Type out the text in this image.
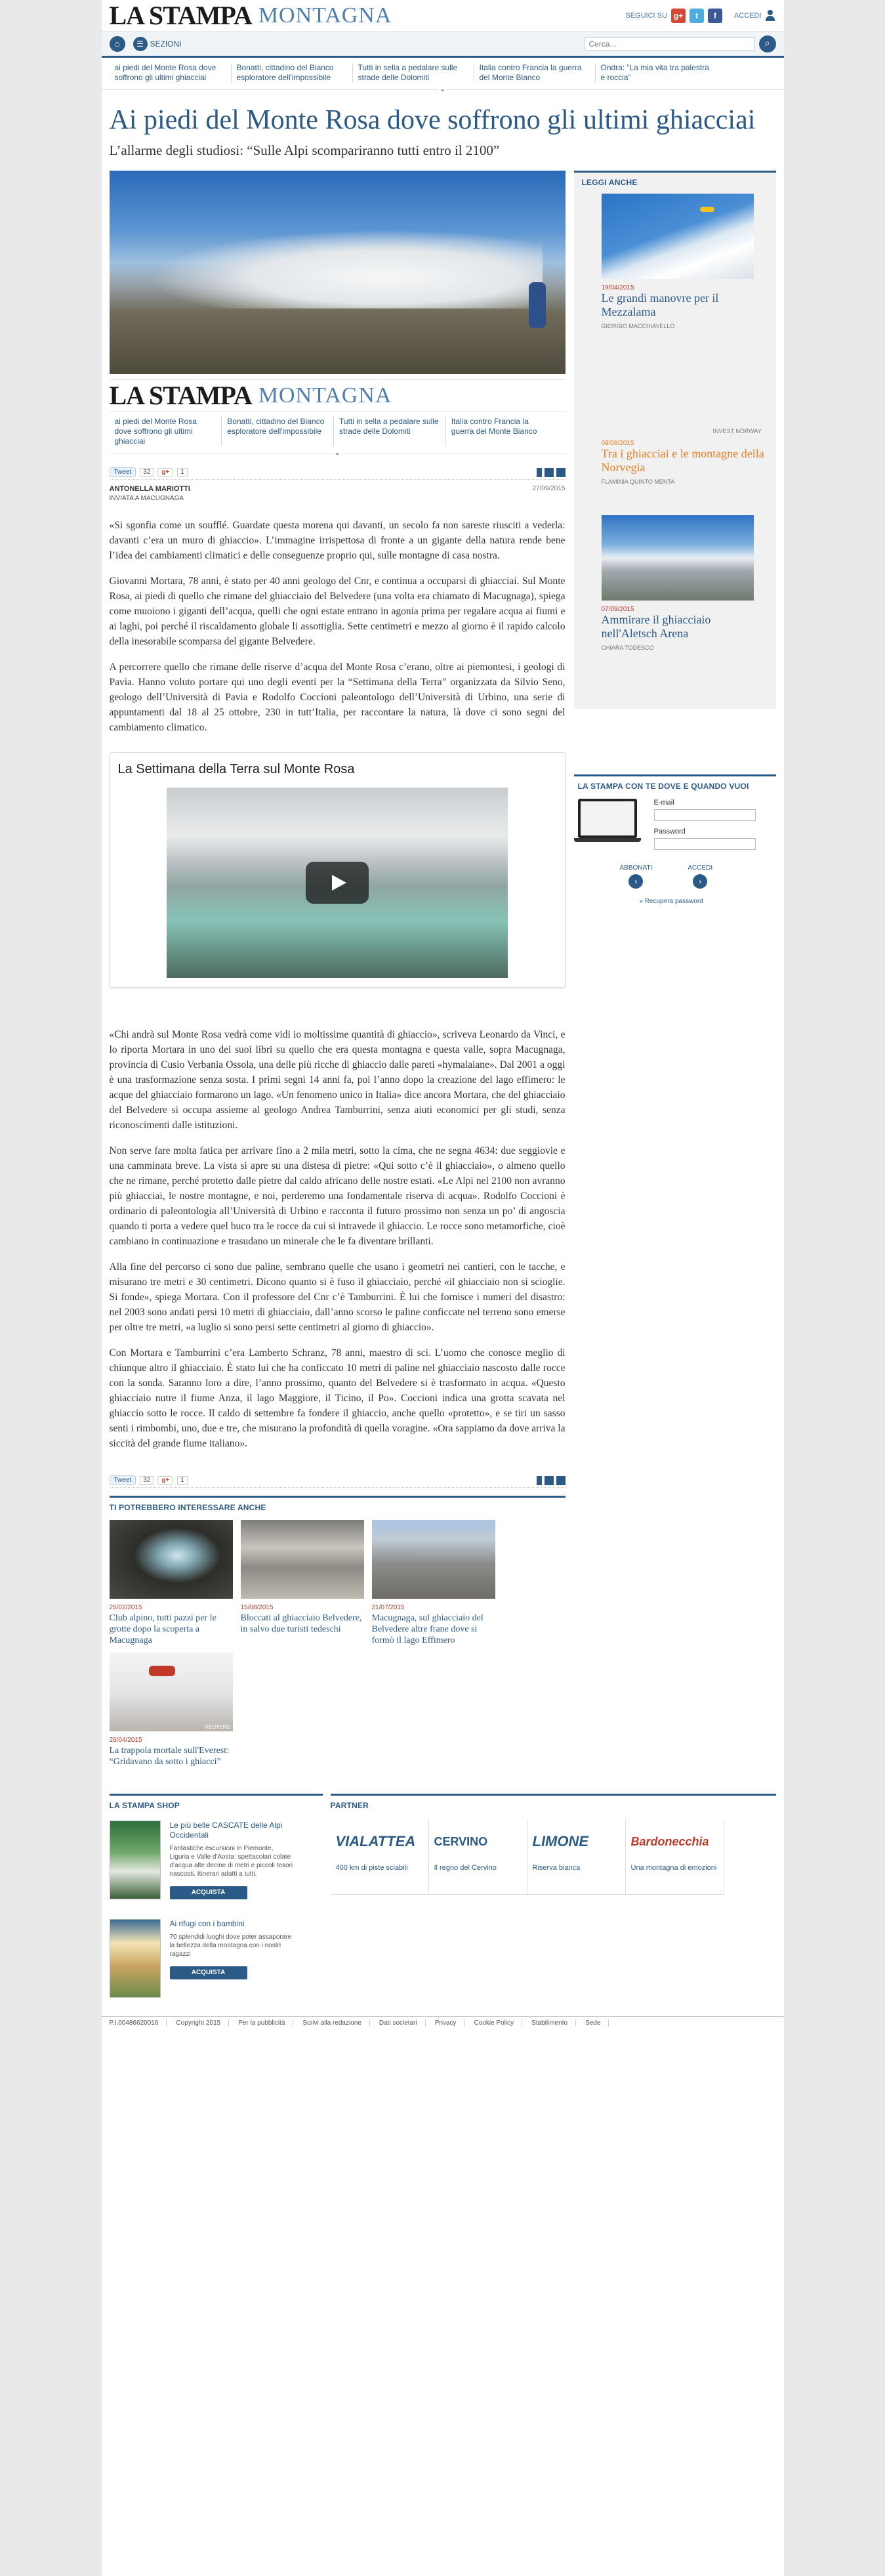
LA STAMPA MONTAGNA	SEGUICI SU g+	t	f	ACCEDI
⌂	☰ SEZIONI
Cerca...	⌕
ai piedi del Monte Rosa dove soffrono gli ultimi ghiacciai
Bonatti, cittadino del Bianco esploratore dell'impossibile
Tutti in sella a pedalare sulle strade delle Dolomiti
Italia contro Francia la guerra del Monte Bianco
Ondra: “La mia vita tra palestra e roccia”
⌄
Ai piedi del Monte Rosa dove soffrono gli ultimi ghiacciai
L’allarme degli studiosi: “Sulle Alpi scompariranno tutti entro il 2100”
LA STAMPA MONTAGNA
ai piedi del Monte Rosa dove soffrono gli ultimi ghiacciai
Bonatti, cittadino del Bianco esploratore dell'impossibile
Tutti in sella a pedalare sulle strade delle Dolomiti
Italia contro Francia la guerra del Monte Bianco
⌄
Tweet	32	g+	1
ANTONELLA MARIOTTI
INVIATA A MACUGNAGA
27/09/2015

«Si sgonfia come un soufflé. Guardate questa morena qui davanti, un secolo fa non sareste riusciti a vederla: davanti c’era un muro di ghiaccio». L’immagine irrispettosa di fronte a un gigante della natura rende bene l’idea dei cambiamenti climatici e delle conseguenze proprio qui, sulle montagne di casa nostra.

Giovanni Mortara, 78 anni, è stato per 40 anni geologo del Cnr, e continua a occuparsi di ghiacciai. Sul Monte Rosa, ai piedi di quello che rimane del ghiacciaio del Belvedere (una volta era chiamato di Macugnaga), spiega come muoiono i giganti dell’acqua, quelli che ogni estate entrano in agonia prima per regalare acqua ai fiumi e ai laghi, poi perché il riscaldamento globale li assottiglia. Sette centimetri e mezzo al giorno è il rapido calcolo della inesorabile scomparsa del gigante Belvedere.

A percorrere quello che rimane delle riserve d’acqua del Monte Rosa c’erano, oltre ai piemontesi, i geologi di Pavia. Hanno voluto portare qui uno degli eventi per la “Settimana della Terra” organizzata da Silvio Seno, geologo dell’Università di Pavia e Rodolfo Coccioni paleontologo dell’Università di Urbino, una serie di appuntamenti dal 18 al 25 ottobre, 230 in tutt’Italia, per raccontare la natura, là dove ci sono segni del cambiamento climatico.

La Settimana della Terra sul Monte Rosa

«Chi andrà sul Monte Rosa vedrà come vidi io moltissime quantità di ghiaccio», scriveva Leonardo da Vinci, e lo riporta Mortara in uno dei suoi libri su quello che era questa montagna e questa valle, sopra Macugnaga, provincia di Cusio Verbania Ossola, una delle più ricche di ghiaccio dalle pareti «hymalaiane». Dal 2001 a oggi è una trasformazione senza sosta. I primi segni 14 anni fa, poi l’anno dopo la creazione del lago effimero: le acque del ghiacciaio formarono un lago. «Un fenomeno unico in Italia» dice ancora Mortara, che del ghiacciaio del Belvedere si occupa assieme al geologo Andrea Tamburrini, senza aiuti economici per gli studi, senza riconoscimenti dalle istituzioni.

Non serve fare molta fatica per arrivare fino a 2 mila metri, sotto la cima, che ne segna 4634: due seggiovie e una camminata breve. La vista si apre su una distesa di pietre: «Qui sotto c’è il ghiacciaio», o almeno quello che ne rimane, perché protetto dalle pietre dal caldo africano delle nostre estati. «Le Alpi nel 2100 non avranno più ghiacciai, le nostre montagne, e noi, perderemo una fondamentale riserva di acqua». Rodolfo Coccioni è ordinario di paleontologia all’Università di Urbino e racconta il futuro prossimo non senza un po’ di angoscia quando ti porta a vedere quel buco tra le rocce da cui si intravede il ghiaccio. Le rocce sono metamorfiche, cioè cambiano in continuazione e trasudano un minerale che le fa diventare brillanti.

Alla fine del percorso ci sono due paline, sembrano quelle che usano i geometri nei cantieri, con le tacche, e misurano tre metri e 30 centimetri. Dicono quanto si è fuso il ghiacciaio, perché «il ghiacciaio non si scioglie. Si fonde», spiega Mortara. Con il professore del Cnr c’è Tamburrini. È lui che fornisce i numeri del disastro: nel 2003 sono andati persi 10 metri di ghiacciaio, dall’anno scorso le paline conficcate nel terreno sono emerse per oltre tre metri, «a luglio si sono persi sette centimetri al giorno di ghiaccio».

Con Mortara e Tamburrini c’era Lamberto Schranz, 78 anni, maestro di sci. L’uomo che conosce meglio di chiunque altro il ghiacciaio. È stato lui che ha conficcato 10 metri di paline nel ghiacciaio nascosto dalle rocce con la sonda. Saranno loro a dire, l’anno prossimo, quanto del Belvedere si è trasformato in acqua. «Questo ghiacciaio nutre il fiume Anza, il lago Maggiore, il Ticino, il Po». Coccioni indica una grotta scavata nel ghiaccio sotto le rocce. Il caldo di settembre fa fondere il ghiaccio, anche quello «protetto», e se tiri un sasso senti i rimbombi, uno, due e tre, che misurano la profondità di quella voragine. «Ora sappiamo da dove arriva la siccità del grande fiume italiano».

Tweet	32	g+	1
TI POTREBBERO INTERESSARE ANCHE
25/02/2015
Club alpino, tutti pazzi per le grotte dopo la scoperta a Macugnaga
15/08/2015
Bloccati al ghiacciaio Belvedere, in salvo due turisti tedeschi
21/07/2015
Macugnaga, sul ghiacciaio del Belvedere altre frane dove si formò il lago Effimero
REUTERS
26/04/2015
La trappola mortale sull'Everest: “Gridavano da sotto i ghiacci”
LEGGI ANCHE
19/04/2015
Le grandi manovre per il Mezzalama
GIORGIO MACCHIAVELLO
INVEST NORWAY
09/08/2015
Tra i ghiacciai e le montagne della Norvegia
FLAMINIA QUINTO MENTA
07/09/2015
Ammirare il ghiacciaio nell'Aletsch Arena
CHIARA TODESCO
LA STAMPA CON TE DOVE E QUANDO VUOI
E-mail
Password
ABBONATI
›
ACCEDI
›
» Recupera password
LA STAMPA SHOP
Le più belle CASCATE delle Alpi Occidentali
Fantastiche escursioni in Piemonte, Liguria e Valle d'Aosta: spettacolari colate d'acqua alte decine di metri e piccoli tesori nascosti. Itinerari adatti a tutti.
ACQUISTA
Ai rifugi con i bambini
70 splendidi luoghi dove poter assaporare la bellezza della montagna con i nostri ragazzi
ACQUISTA
PARTNER
VIALATTEA
400 km di piste sciabili
CERVINO
Il regno del Cervino
LIMONE
Riserva bianca
Bardonecchia
Una montagna di emozioni
P.I.00486620016	Copyright 2015	Per la pubblicità	Scrivi alla redazione	Dati societari	Privacy	Cookie Policy	Stabilimento	Sede
